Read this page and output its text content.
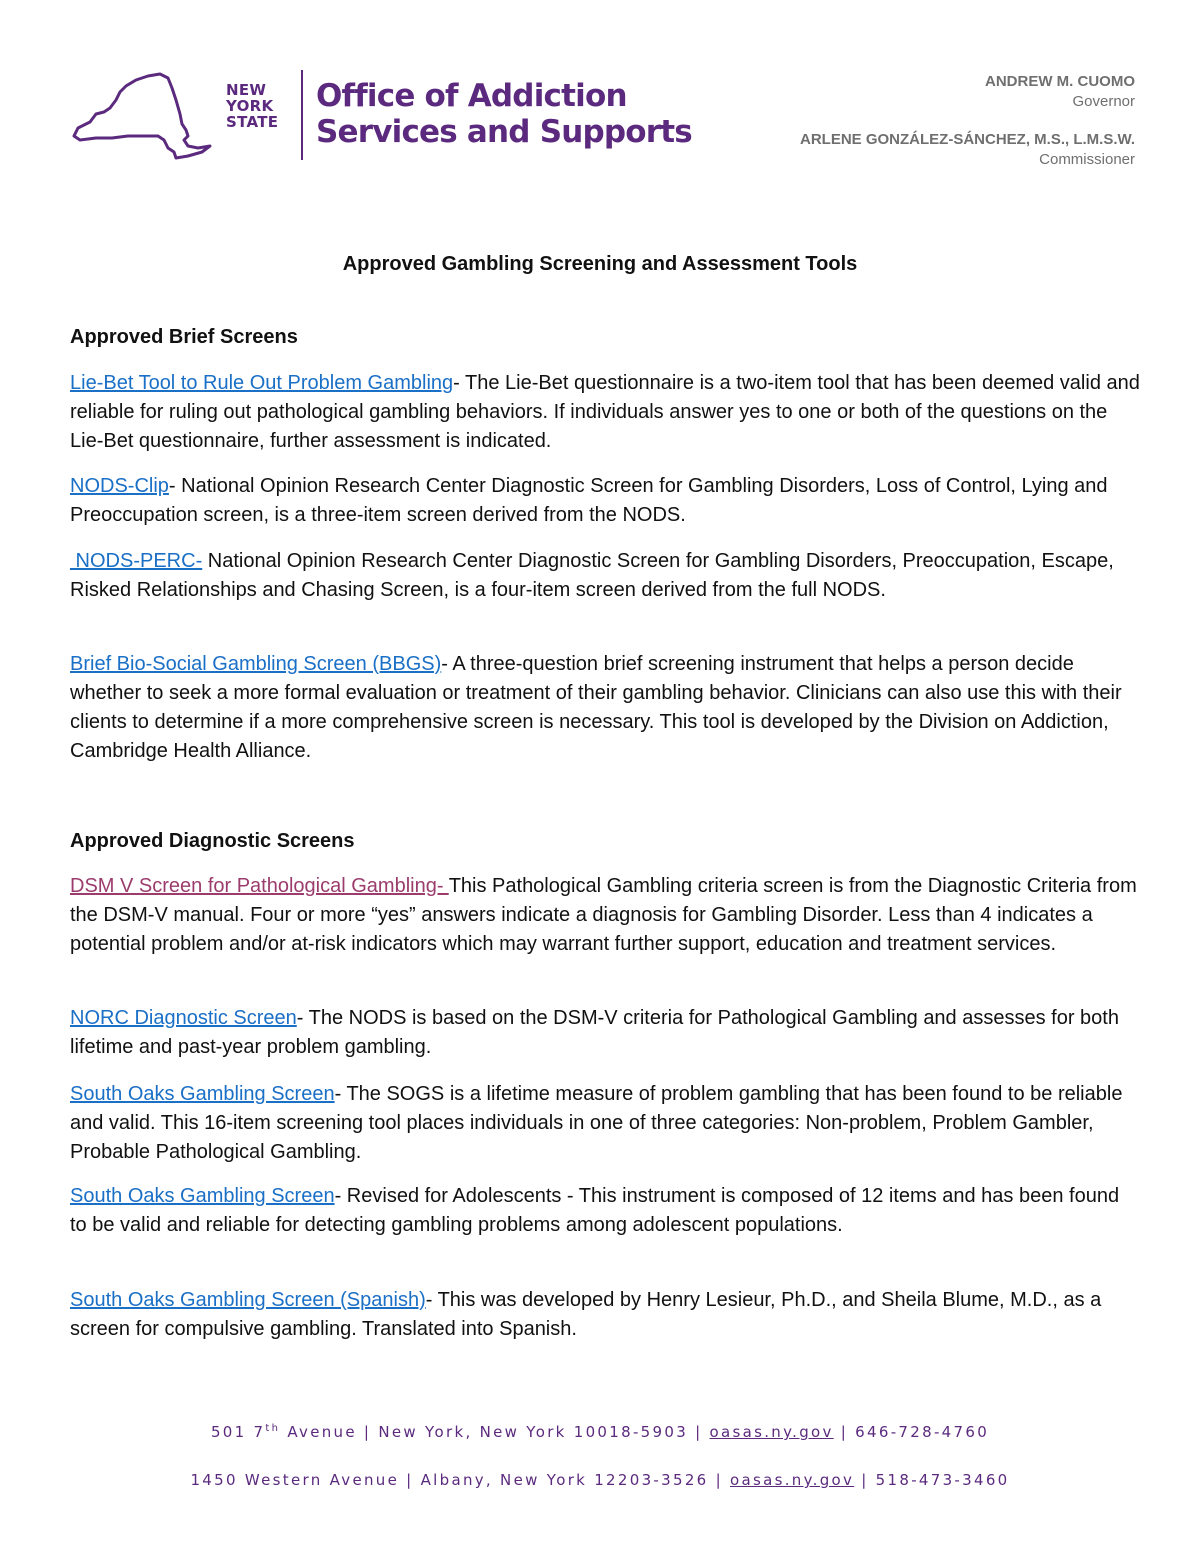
NEW
YORK
STATE
Office of Addiction
Services and Supports
ANDREW M. CUOMO
Governor
ARLENE GONZÁLEZ-SÁNCHEZ, M.S., L.M.S.W.
Commissioner
Approved Gambling Screening and Assessment Tools
Approved Brief Screens
Lie-Bet Tool to Rule Out Problem Gambling- The Lie-Bet questionnaire is a two-item tool that has been deemed valid and reliable for ruling out pathological gambling behaviors. If individuals answer yes to one or both of the questions on the Lie-Bet questionnaire, further assessment is indicated.
NODS-Clip- National Opinion Research Center Diagnostic Screen for Gambling Disorders, Loss of Control, Lying and Preoccupation screen, is a three-item screen derived from the NODS.
NODS-PERC- National Opinion Research Center Diagnostic Screen for Gambling Disorders, Preoccupation, Escape, Risked Relationships and Chasing Screen, is a four-item screen derived from the full NODS.
Brief Bio-Social Gambling Screen (BBGS)- A three-question brief screening instrument that helps a person decide whether to seek a more formal evaluation or treatment of their gambling behavior. Clinicians can also use this with their clients to determine if a more comprehensive screen is necessary. This tool is developed by the Division on Addiction, Cambridge Health Alliance.
Approved Diagnostic Screens
DSM V Screen for Pathological Gambling- This Pathological Gambling criteria screen is from the Diagnostic Criteria from the DSM-V manual. Four or more “yes” answers indicate a diagnosis for Gambling Disorder. Less than 4 indicates a potential problem and/or at-risk indicators which may warrant further support, education and treatment services.
NORC Diagnostic Screen- The NODS is based on the DSM-V criteria for Pathological Gambling and assesses for both lifetime and past-year problem gambling.
South Oaks Gambling Screen- The SOGS is a lifetime measure of problem gambling that has been found to be reliable and valid. This 16-item screening tool places individuals in one of three categories: Non-problem, Problem Gambler, Probable Pathological Gambling.
South Oaks Gambling Screen- Revised for Adolescents - This instrument is composed of 12 items and has been found to be valid and reliable for detecting gambling problems among adolescent populations.
South Oaks Gambling Screen (Spanish)- This was developed by Henry Lesieur, Ph.D., and Sheila Blume, M.D., as a screen for compulsive gambling. Translated into Spanish.
501 7th Avenue | New York, New York 10018-5903 | oasas.ny.gov | 646-728-4760
1450 Western Avenue | Albany, New York 12203-3526 | oasas.ny.gov | 518-473-3460
